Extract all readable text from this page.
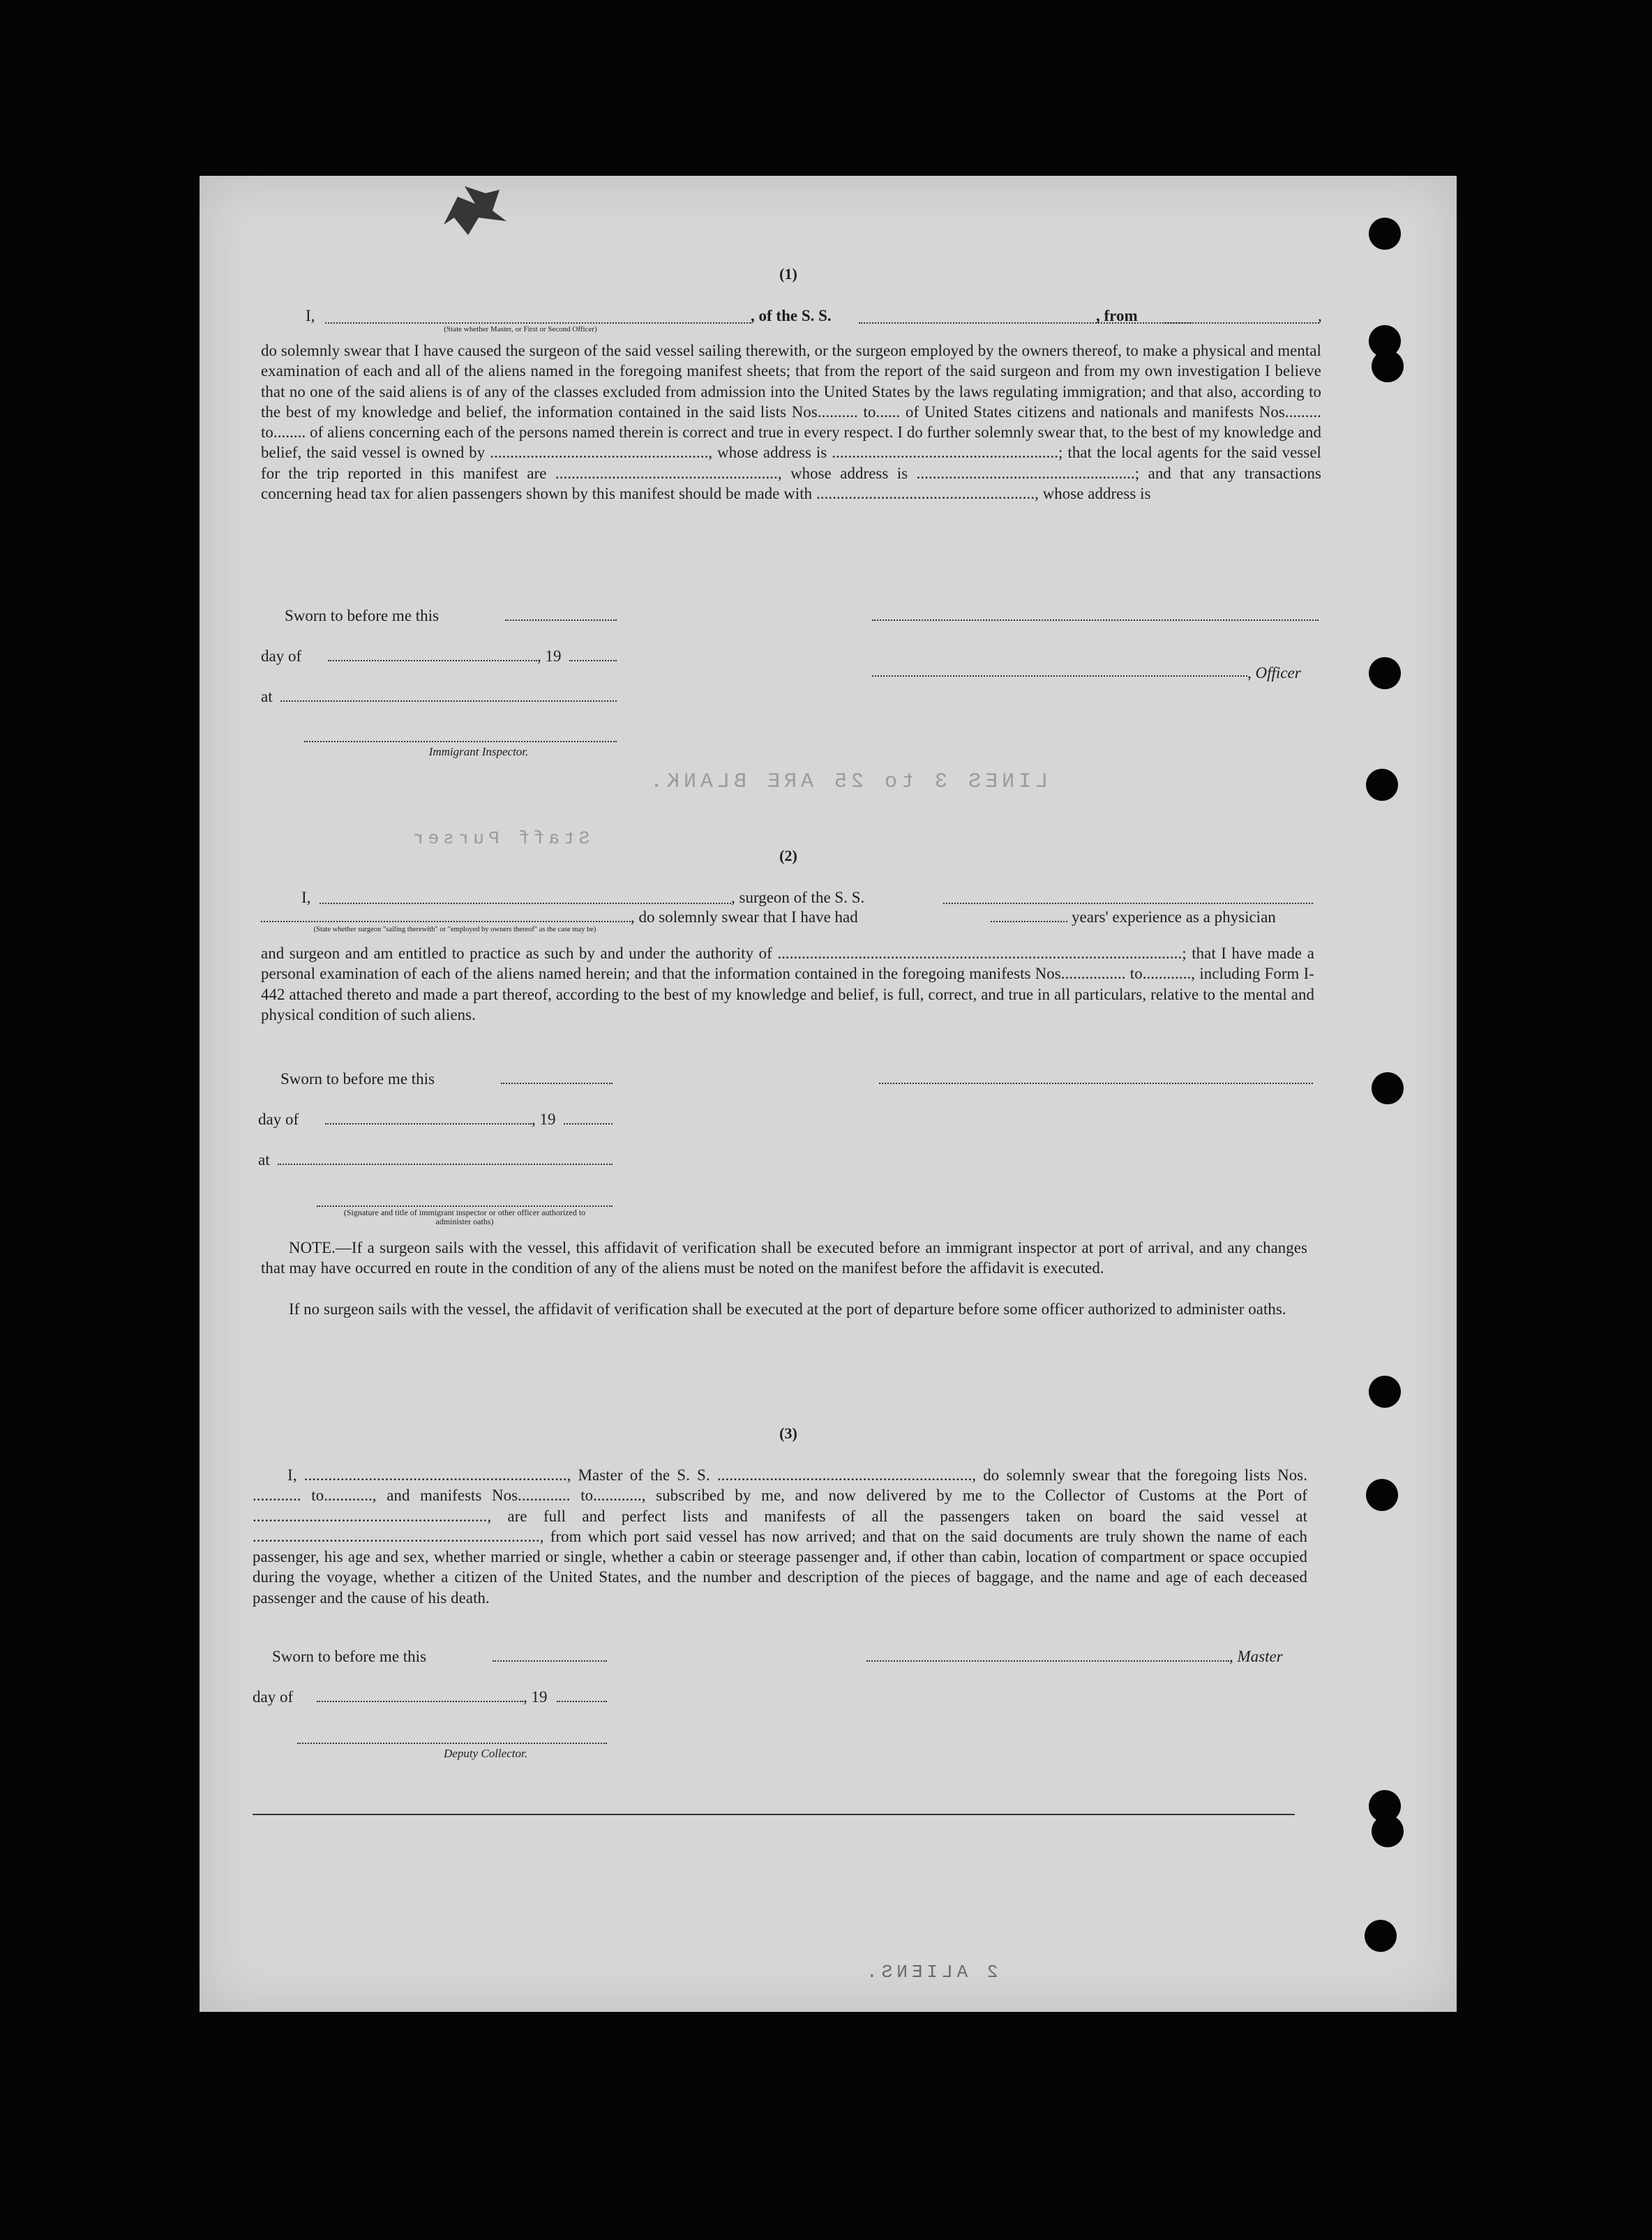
LINES 3 to 25 ARE BLANK.
Staff Purser
2 ALIENS.
(1)
I,
(State whether Master, or First or Second Officer)
, of the S. S.	, from	,
do solemnly swear that I have caused the surgeon of the said vessel sailing therewith, or the surgeon employed by the owners thereof, to make a physical and mental examination of each and all of the aliens named in the foregoing manifest sheets; that from the report of the said surgeon and from my own investigation I believe that no one of the said aliens is of any of the classes excluded from admission into the United States by the laws regulating immigration; and that also, according to the best of my knowledge and belief, the information contained in the said lists Nos.......... to...... of United States citizens and nationals and manifests Nos......... to........ of aliens concerning each of the persons named therein is correct and true in every respect. I do further solemnly swear that, to the best of my knowledge and belief, the said vessel is owned by ......................................................, whose address is ........................................................; that the local agents for the said vessel for the trip reported in this manifest are ......................................................., whose address is ......................................................; and that any transactions concerning head tax for alien passengers shown by this manifest should be made with ......................................................, whose address is
Sworn to before me this
day of	, 19
, Officer
at
Immigrant Inspector.
(2)
I,	, surgeon of the S. S.
, do solemnly swear that I have had	years' experience as a physician
(State whether surgeon "sailing therewith" or "employed by owners thereof" as the case may be)
and surgeon and am entitled to practice as such by and under the authority of ....................................................................................................; that I have made a personal examination of each of the aliens named herein; and that the information contained in the foregoing manifests Nos................ to............, including Form I-442 attached thereto and made a part thereof, according to the best of my knowledge and belief, is full, correct, and true in all particulars, relative to the mental and physical condition of such aliens.
Sworn to before me this
day of	, 19
at
(Signature and title of immigrant inspector or other officer authorized to administer oaths)

NOTE.—If a surgeon sails with the vessel, this affidavit of verification shall be executed before an immigrant inspector at port of arrival, and any changes that may have occurred en route in the condition of any of the aliens must be noted on the manifest before the affidavit is executed.

If no surgeon sails with the vessel, the affidavit of verification shall be executed at the port of departure before some officer authorized to administer oaths.

(3)

I, ................................................................., Master of the S. S. ..............................................................., do solemnly swear that the foregoing lists Nos. ............ to............, and manifests Nos............. to............, subscribed by me, and now delivered by me to the Collector of Customs at the Port of .........................................................., are full and perfect lists and manifests of all the passengers taken on board the said vessel at ......................................................................., from which port said vessel has now arrived; and that on the said documents are truly shown the name of each passenger, his age and sex, whether married or single, whether a cabin or steerage passenger and, if other than cabin, location of compartment or space occupied during the voyage, whether a citizen of the United States, and the number and description of the pieces of baggage, and the name and age of each deceased passenger and the cause of his death.

Sworn to before me this	, Master
day of	, 19
Deputy Collector.
